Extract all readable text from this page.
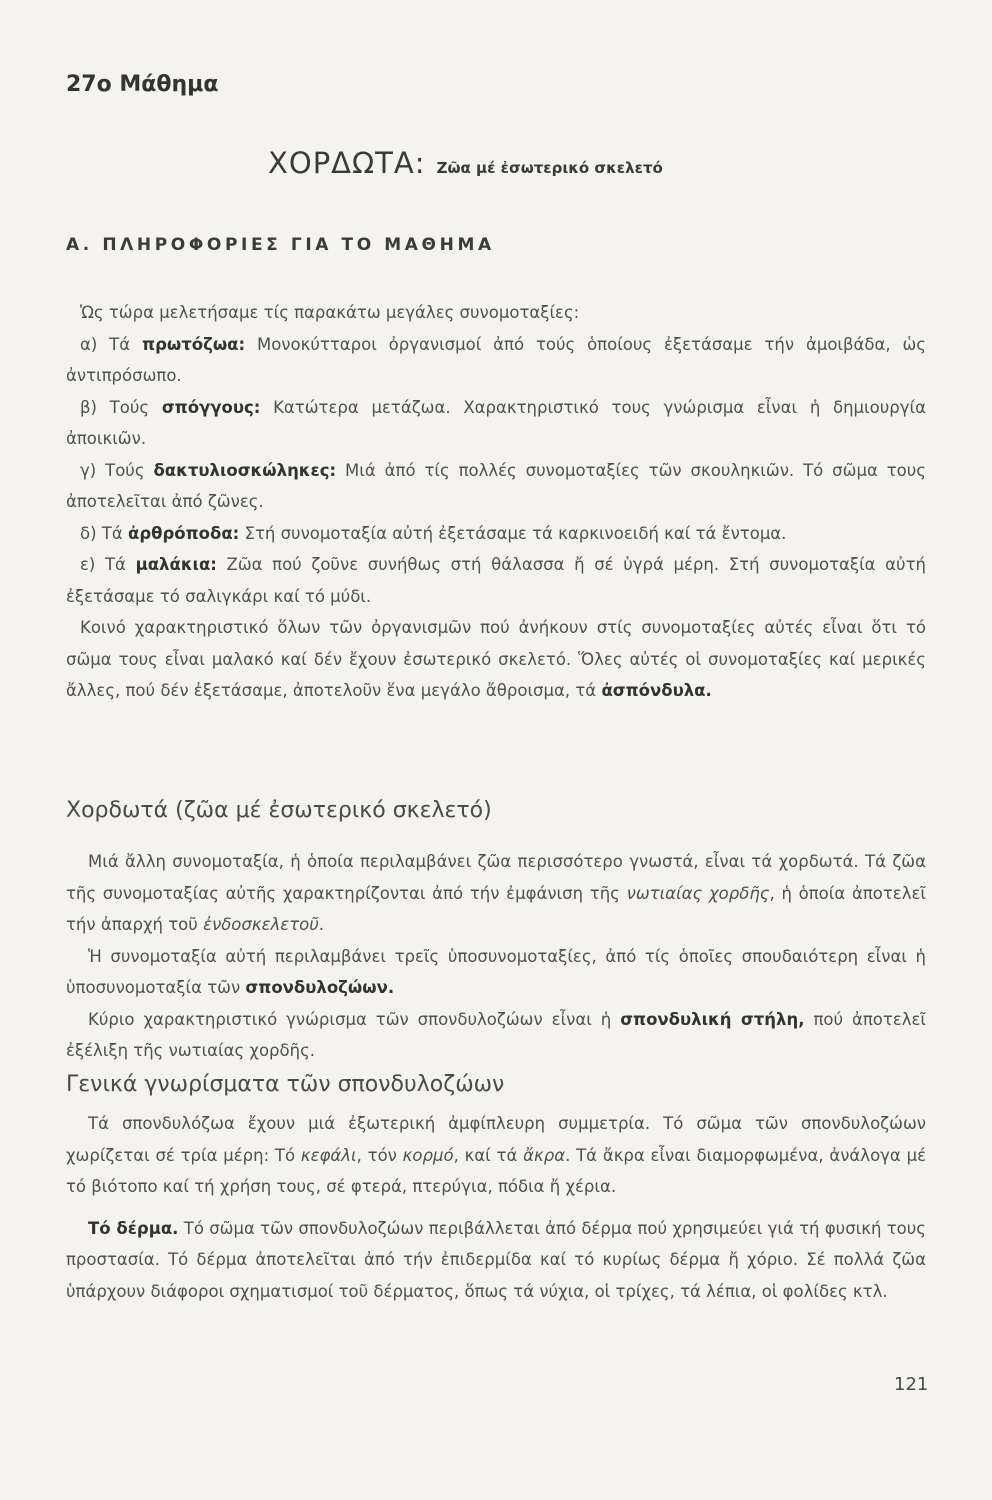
27ο Μάθημα
ΧΟΡΔΩΤΑ: Ζῶα μέ ἐσωτερικό σκελετό
Α. ΠΛΗΡΟΦΟΡΙΕΣ ΓΙΑ ΤΟ ΜΑΘΗΜΑ

Ὡς τώρα μελετήσαμε τίς παρακάτω μεγάλες συνομοταξίες:

α) Τά πρωτόζωα: Μονοκύτταροι ὀργανισμοί ἀπό τούς ὁποίους ἐξετάσαμε τήν ἀμοιβάδα, ὡς ἀντιπρόσωπο.

β) Τούς σπόγγους: Κατώτερα μετάζωα. Χαρακτηριστικό τους γνώρισμα εἶναι ἡ δημιουργία ἀποικιῶν.

γ) Τούς δακτυλιοσκώληκες: Μιά ἀπό τίς πολλές συνομοταξίες τῶν σκουληκιῶν. Τό σῶμα τους ἀποτελεῖται ἀπό ζῶνες.

δ) Τά ἀρθρόποδα: Στή συνομοταξία αὐτή ἐξετάσαμε τά καρκινοειδή καί τά ἔντομα.

ε) Τά μαλάκια: Ζῶα πού ζοῦνε συνήθως στή θάλασσα ἤ σέ ὑγρά μέρη. Στή συνομοταξία αὐτή ἐξετάσαμε τό σαλιγκάρι καί τό μύδι.

Κοινό χαρακτηριστικό ὅλων τῶν ὀργανισμῶν πού ἀνήκουν στίς συνομοταξίες αὐτές εἶναι ὅτι τό σῶμα τους εἶναι μαλακό καί δέν ἔχουν ἐσωτερικό σκελετό. Ὅλες αὐτές οἱ συνομοταξίες καί μερικές ἄλλες, πού δέν ἐξετάσαμε, ἀποτελοῦν ἕνα μεγάλο ἄθροισμα, τά ἀσπόνδυλα.

Χορδωτά (ζῶα μέ ἐσωτερικό σκελετό)

Μιά ἄλλη συνομοταξία, ἡ ὁποία περιλαμβάνει ζῶα περισσότερο γνωστά, εἶναι τά χορδωτά. Τά ζῶα τῆς συνομοταξίας αὐτῆς χαρακτηρίζονται ἀπό τήν ἐμφάνιση τῆς νωτιαίας χορδῆς, ἡ ὁποία ἀποτελεῖ τήν ἀπαρχή τοῦ ἐνδοσκελετοῦ.

Ἡ συνομοταξία αὐτή περιλαμβάνει τρεῖς ὑποσυνομοταξίες, ἀπό τίς ὁποῖες σπουδαιότερη εἶναι ἡ ὑποσυνομοταξία τῶν σπονδυλοζώων.

Κύριο χαρακτηριστικό γνώρισμα τῶν σπονδυλοζώων εἶναι ἡ σπονδυλική στήλη, πού ἀποτελεῖ ἐξέλιξη τῆς νωτιαίας χορδῆς.

Γενικά γνωρίσματα τῶν σπονδυλοζώων

Τά σπονδυλόζωα ἔχουν μιά ἐξωτερική ἀμφίπλευρη συμμετρία. Τό σῶμα τῶν σπονδυλοζώων χωρίζεται σέ τρία μέρη: Τό κεφάλι, τόν κορμό, καί τά ἄκρα. Τά ἄκρα εἶναι διαμορφωμένα, ἀνάλογα μέ τό βιότοπο καί τή χρήση τους, σέ φτερά, πτερύγια, πόδια ἤ χέρια.

Τό δέρμα. Τό σῶμα τῶν σπονδυλοζώων περιβάλλεται ἀπό δέρμα πού χρησιμεύει γιά τή φυσική τους προστασία. Τό δέρμα ἀποτελεῖται ἀπό τήν ἐπιδερμίδα καί τό κυρίως δέρμα ἤ χόριο. Σέ πολλά ζῶα ὑπάρχουν διάφοροι σχηματισμοί τοῦ δέρματος, ὅπως τά νύχια, οἱ τρίχες, τά λέπια, οἱ φολίδες κτλ.

121
